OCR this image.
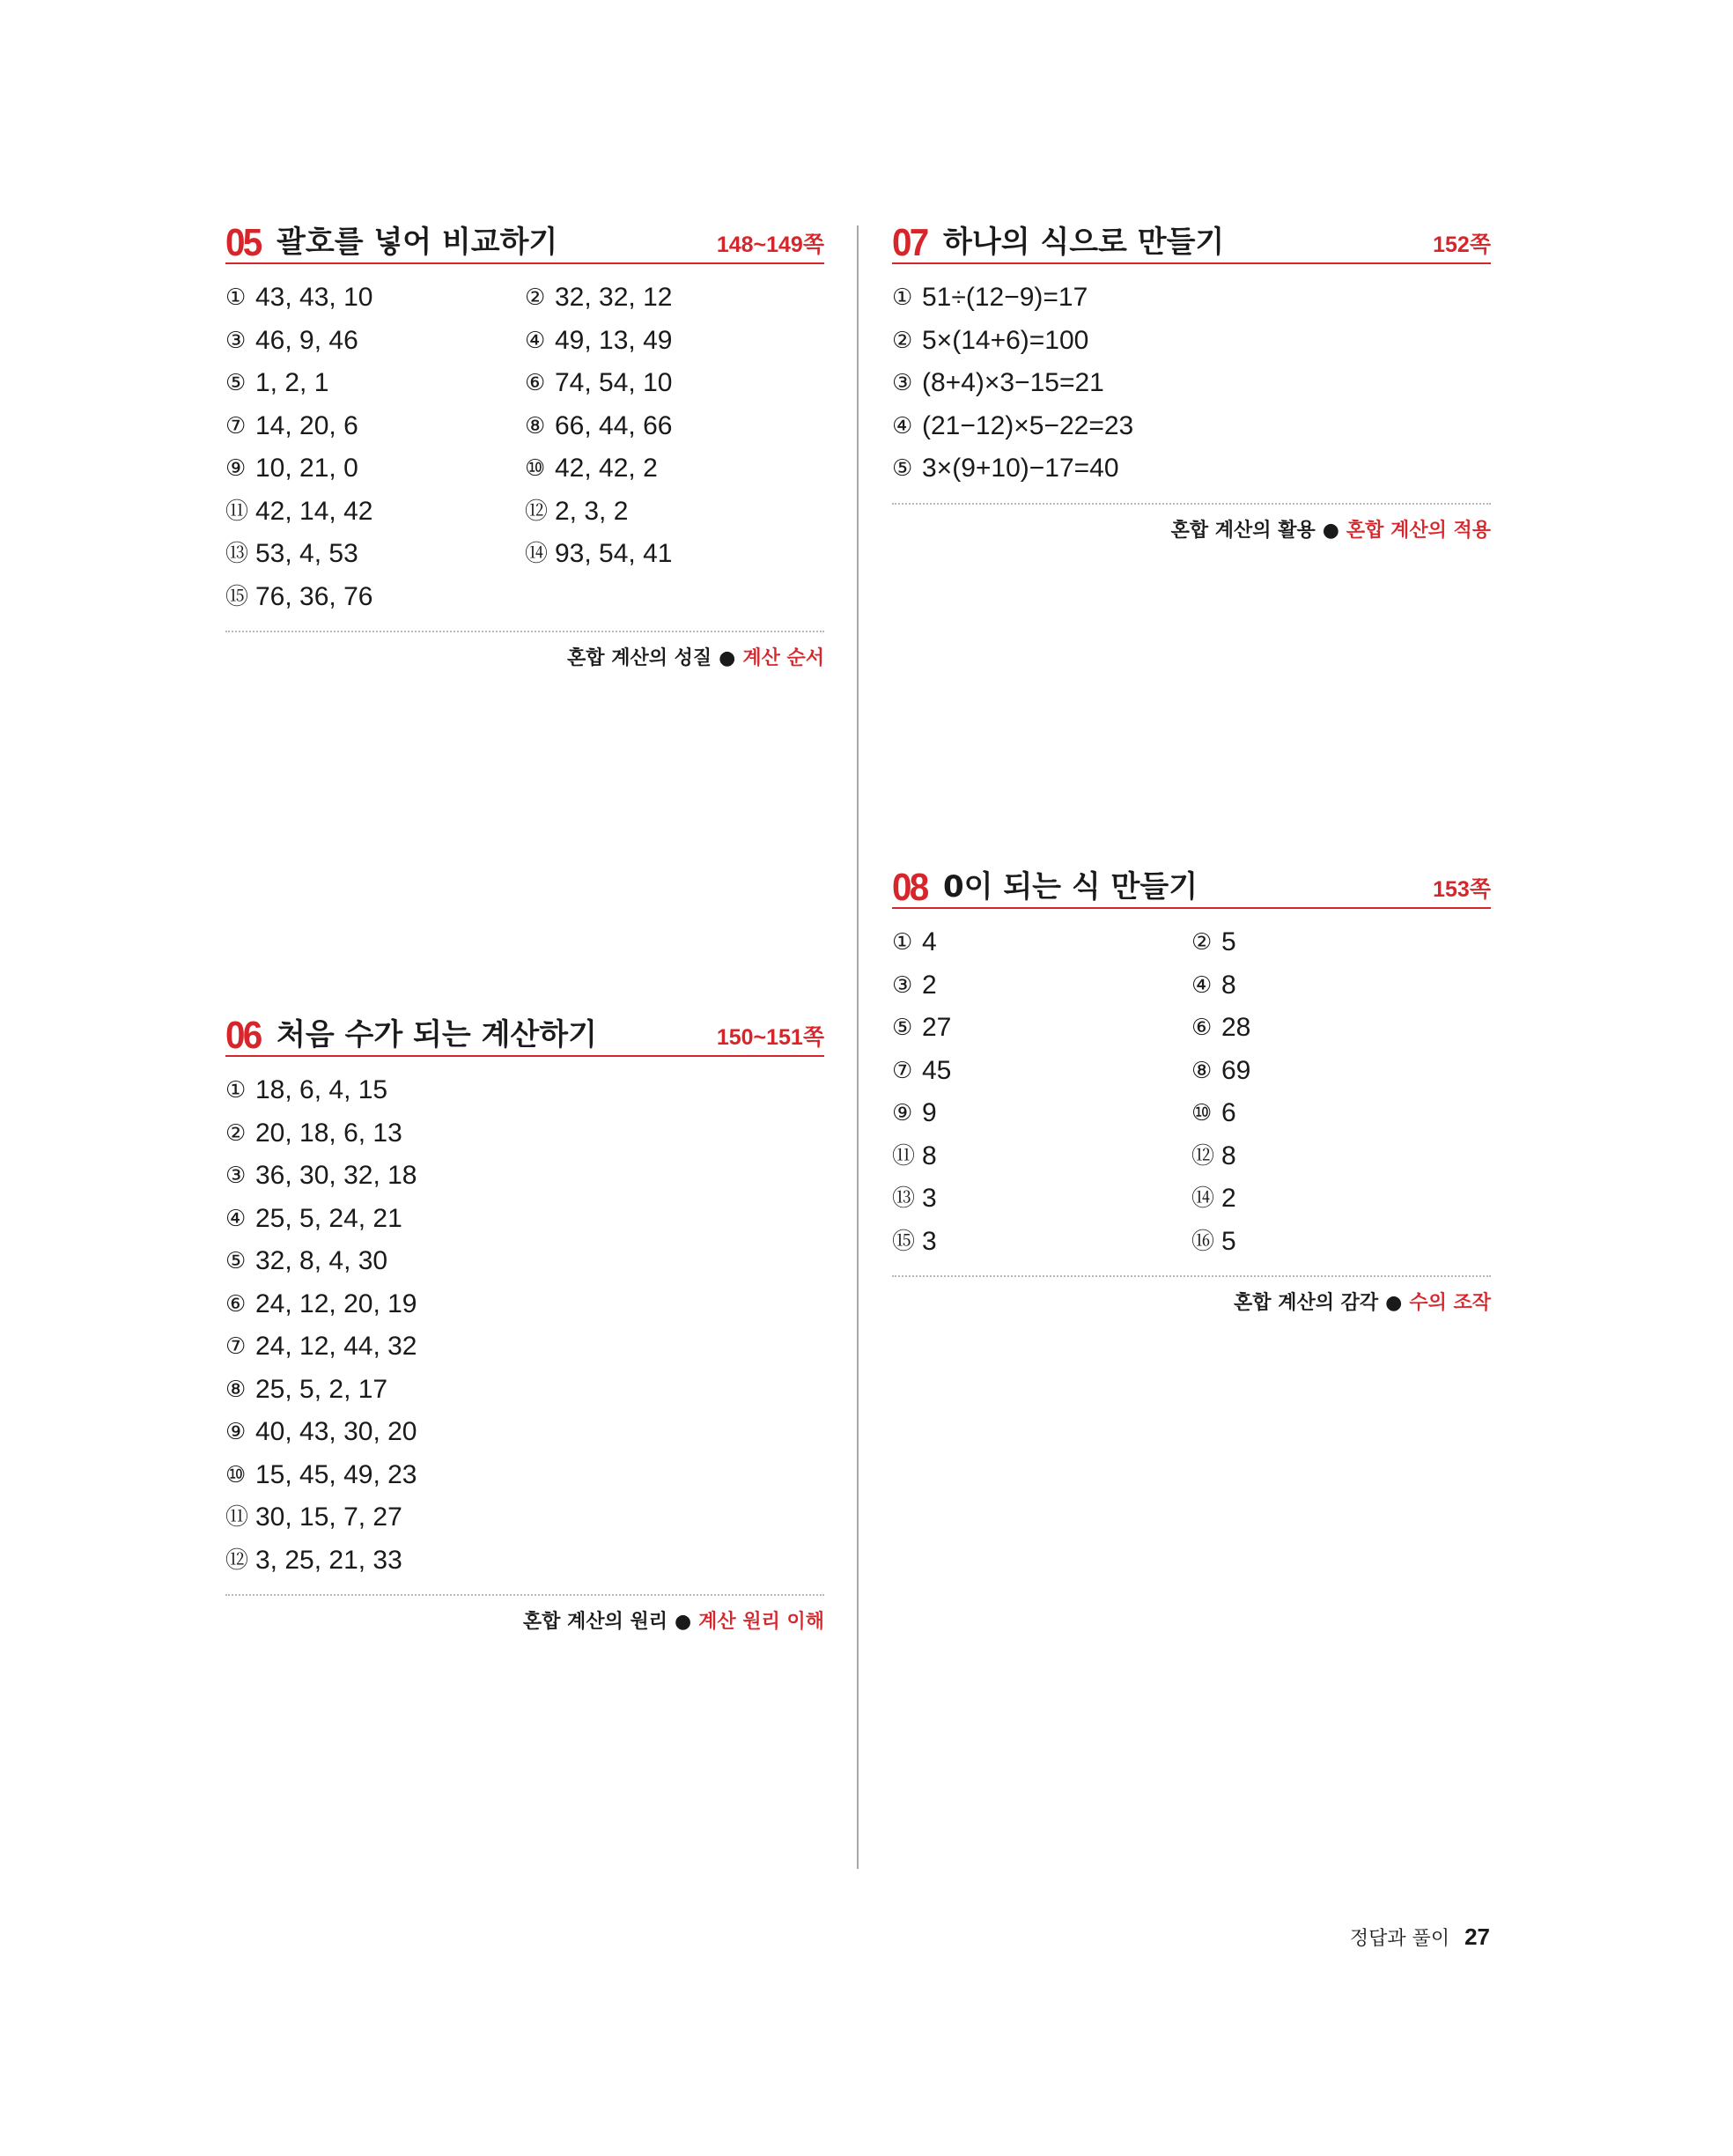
05 괄호를 넣어 비교하기	148~149쪽
① 43, 43, 10	② 32, 32, 12
③ 46, 9, 46	④ 49, 13, 49
⑤ 1, 2, 1	⑥ 74, 54, 10
⑦ 14, 20, 6	⑧ 66, 44, 66
⑨ 10, 21, 0	⑩ 42, 42, 2
⑪ 42, 14, 42	⑫ 2, 3, 2
⑬ 53, 4, 53	⑭ 93, 54, 41
⑮ 76, 36, 76
혼합 계산의 성질 ● 계산 순서
06 처음 수가 되는 계산하기	150~151쪽
① 18, 6, 4, 15
② 20, 18, 6, 13
③ 36, 30, 32, 18
④ 25, 5, 24, 21
⑤ 32, 8, 4, 30
⑥ 24, 12, 20, 19
⑦ 24, 12, 44, 32
⑧ 25, 5, 2, 17
⑨ 40, 43, 30, 20
⑩ 15, 45, 49, 23
⑪ 30, 15, 7, 27
⑫ 3, 25, 21, 33
혼합 계산의 원리 ● 계산 원리 이해
07 하나의 식으로 만들기	152쪽
① 51÷(12−9)=17
② 5×(14+6)=100
③ (8+4)×3−15=21
④ (21−12)×5−22=23
⑤ 3×(9+10)−17=40
혼합 계산의 활용 ● 혼합 계산의 적용
08 0이 되는 식 만들기	153쪽
① 4	② 5
③ 2	④ 8
⑤ 27	⑥ 28
⑦ 45	⑧ 69
⑨ 9	⑩ 6
⑪ 8	⑫ 8
⑬ 3	⑭ 2
⑮ 3	⑯ 5
혼합 계산의 감각 ● 수의 조작
정답과 풀이 27
